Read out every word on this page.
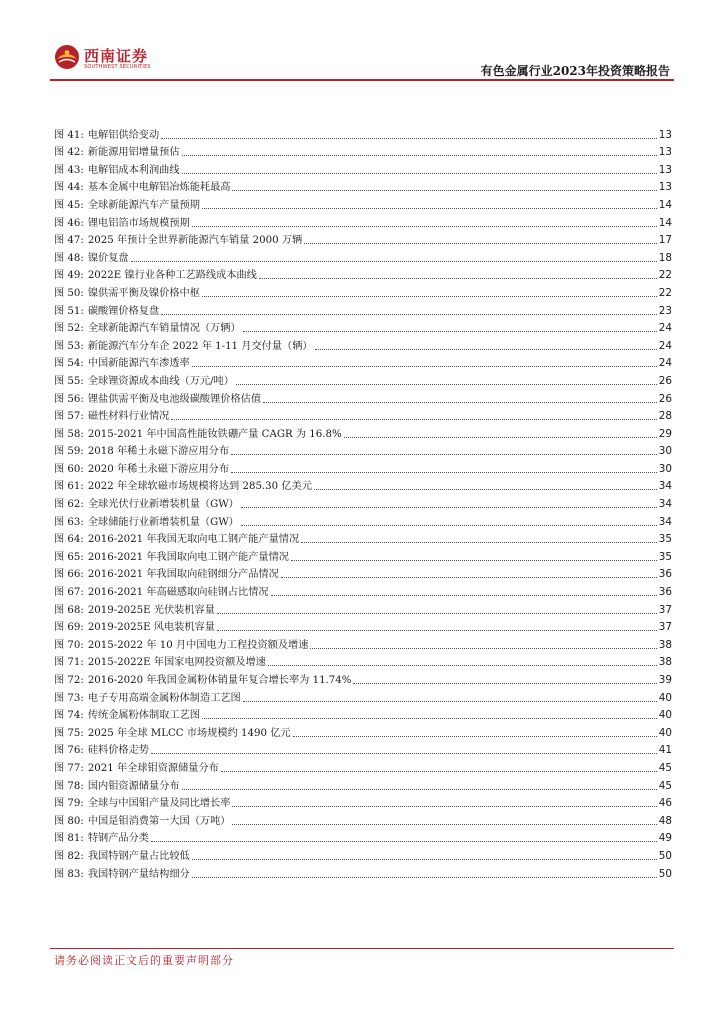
西南证券
SOUTHWEST SECURITIES	有色金属行业2023年投资策略报告
图 41: 电解铝供给变动	13
图 42: 新能源用铝增量预估	13
图 43: 电解铝成本利润曲线	13
图 44: 基本金属中电解铝冶炼能耗最高	13
图 45: 全球新能源汽车产量预期	14
图 46: 锂电铝箔市场规模预期	14
图 47: 2025 年预计全世界新能源汽车销量 2000 万辆	17
图 48: 镍价复盘	18
图 49: 2022E 镍行业各种工艺路线成本曲线	22
图 50: 镍供需平衡及镍价格中枢	22
图 51: 碳酸锂价格复盘	23
图 52: 全球新能源汽车销量情况（万辆）	24
图 53: 新能源汽车分车企 2022 年 1-11 月交付量（辆）	24
图 54: 中国新能源汽车渗透率	24
图 55: 全球锂资源成本曲线（万元/吨）	26
图 56: 锂盐供需平衡及电池级碳酸锂价格估值	26
图 57: 磁性材料行业情况	28
图 58: 2015-2021 年中国高性能钕铁硼产量 CAGR 为 16.8%	29
图 59: 2018 年稀土永磁下游应用分布	30
图 60: 2020 年稀土永磁下游应用分布	30
图 61: 2022 年全球软磁市场规模将达到 285.30 亿美元	34
图 62: 全球光伏行业新增装机量（GW）	34
图 63: 全球储能行业新增装机量（GW）	34
图 64: 2016-2021 年我国无取向电工钢产能产量情况	35
图 65: 2016-2021 年我国取向电工钢产能产量情况	35
图 66: 2016-2021 年我国取向硅钢细分产品情况	36
图 67: 2016-2021 年高磁感取向硅钢占比情况	36
图 68: 2019-2025E 光伏装机容量	37
图 69: 2019-2025E 风电装机容量	37
图 70: 2015-2022 年 10 月中国电力工程投资额及增速	38
图 71: 2015-2022E 年国家电网投资额及增速	38
图 72: 2016-2020 年我国金属粉体销量年复合增长率为 11.74%	39
图 73: 电子专用高端金属粉体制造工艺图	40
图 74: 传统金属粉体制取工艺图	40
图 75: 2025 年全球 MLCC 市场规模约 1490 亿元	40
图 76: 硅料价格走势	41
图 77: 2021 年全球钼资源储量分布	45
图 78: 国内钼资源储量分布	45
图 79: 全球与中国钼产量及同比增长率	46
图 80: 中国是钼消费第一大国（万吨）	48
图 81: 特钢产品分类	49
图 82: 我国特钢产量占比较低	50
图 83: 我国特钢产量结构细分	50
请务必阅读正文后的重要声明部分
